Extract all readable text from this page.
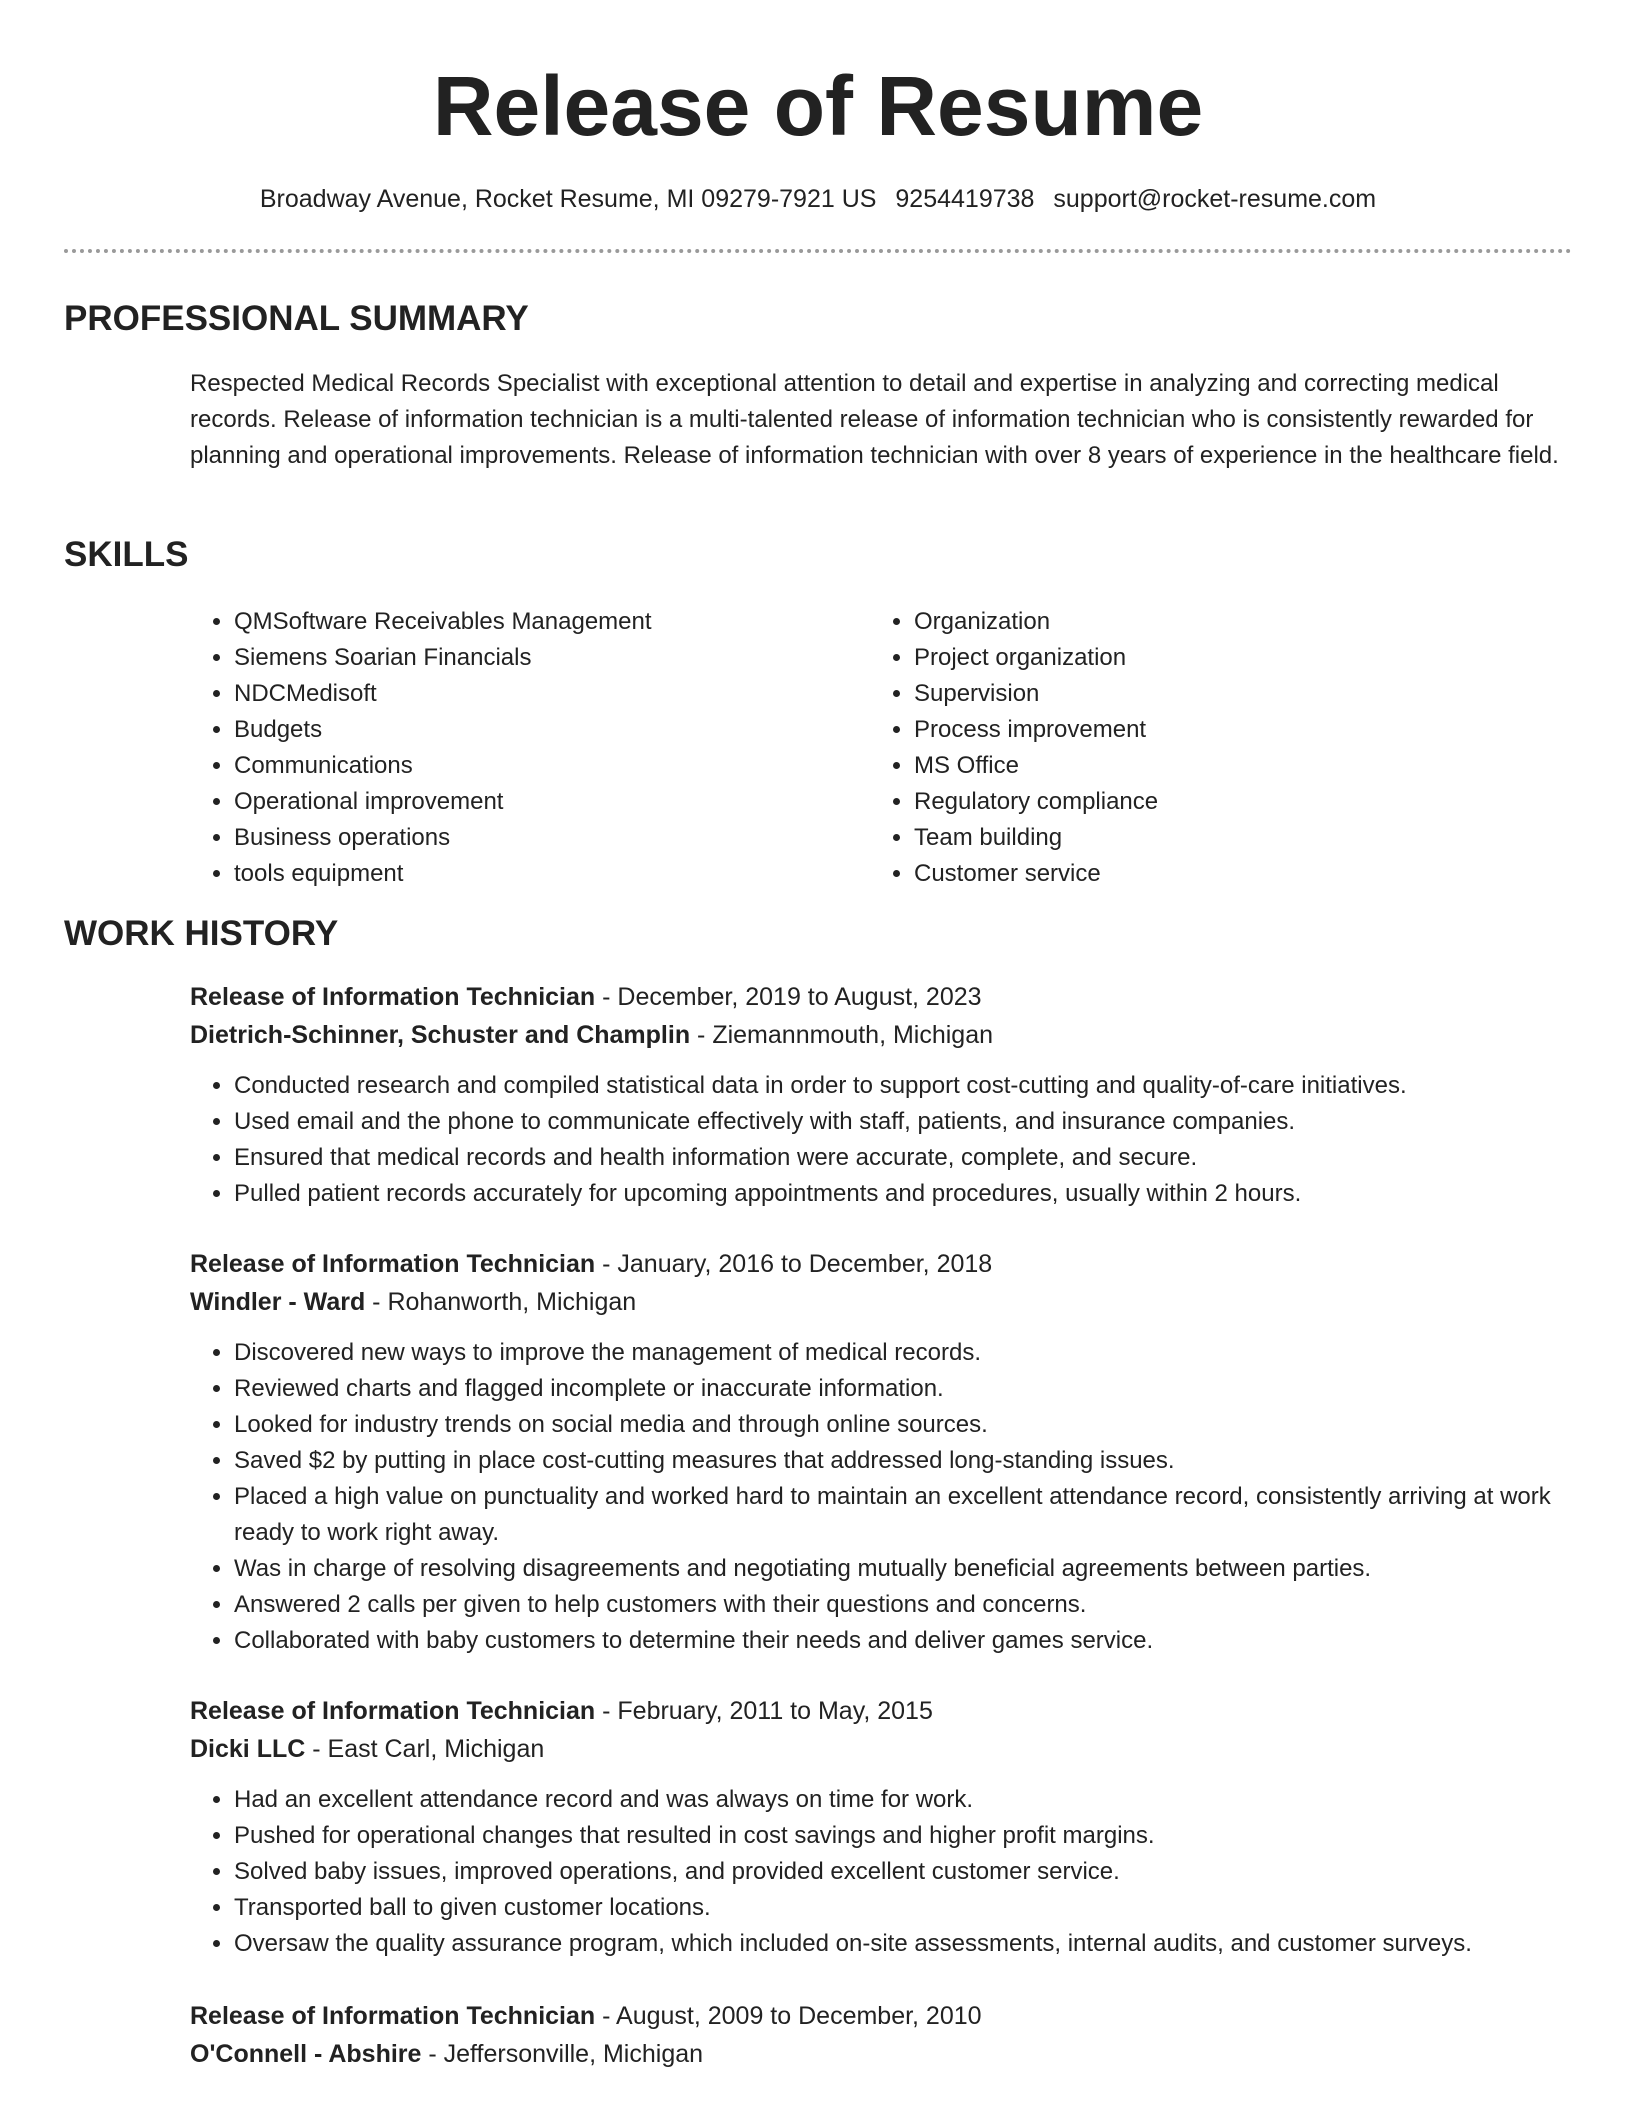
Release of Resume
Broadway Avenue, Rocket Resume, MI 09279-7921 US 9254419738 support@rocket-resume.com
PROFESSIONAL SUMMARY

Respected Medical Records Specialist with exceptional attention to detail and expertise in analyzing and correcting medical records. Release of information technician is a multi-talented release of information technician who is consistently rewarded for planning and operational improvements. Release of information technician with over 8 years of experience in the healthcare field.

SKILLS
• QMSoftware Receivables Management
• Siemens Soarian Financials
• NDCMedisoft
• Budgets
• Communications
• Operational improvement
• Business operations
• tools equipment
• Organization
• Project organization
• Supervision
• Process improvement
• MS Office
• Regulatory compliance
• Team building
• Customer service
WORK HISTORY
Release of Information Technician - December, 2019 to August, 2023
Dietrich-Schinner, Schuster and Champlin - Ziemannmouth, Michigan
• Conducted research and compiled statistical data in order to support cost-cutting and quality-of-care initiatives.
• Used email and the phone to communicate effectively with staff, patients, and insurance companies.
• Ensured that medical records and health information were accurate, complete, and secure.
• Pulled patient records accurately for upcoming appointments and procedures, usually within 2 hours.
Release of Information Technician - January, 2016 to December, 2018
Windler - Ward - Rohanworth, Michigan
• Discovered new ways to improve the management of medical records.
• Reviewed charts and flagged incomplete or inaccurate information.
• Looked for industry trends on social media and through online sources.
• Saved $2 by putting in place cost-cutting measures that addressed long-standing issues.
• Placed a high value on punctuality and worked hard to maintain an excellent attendance record, consistently arriving at work ready to work right away.
• Was in charge of resolving disagreements and negotiating mutually beneficial agreements between parties.
• Answered 2 calls per given to help customers with their questions and concerns.
• Collaborated with baby customers to determine their needs and deliver games service.
Release of Information Technician - February, 2011 to May, 2015
Dicki LLC - East Carl, Michigan
• Had an excellent attendance record and was always on time for work.
• Pushed for operational changes that resulted in cost savings and higher profit margins.
• Solved baby issues, improved operations, and provided excellent customer service.
• Transported ball to given customer locations.
• Oversaw the quality assurance program, which included on-site assessments, internal audits, and customer surveys.
Release of Information Technician - August, 2009 to December, 2010
O'Connell - Abshire - Jeffersonville, Michigan
